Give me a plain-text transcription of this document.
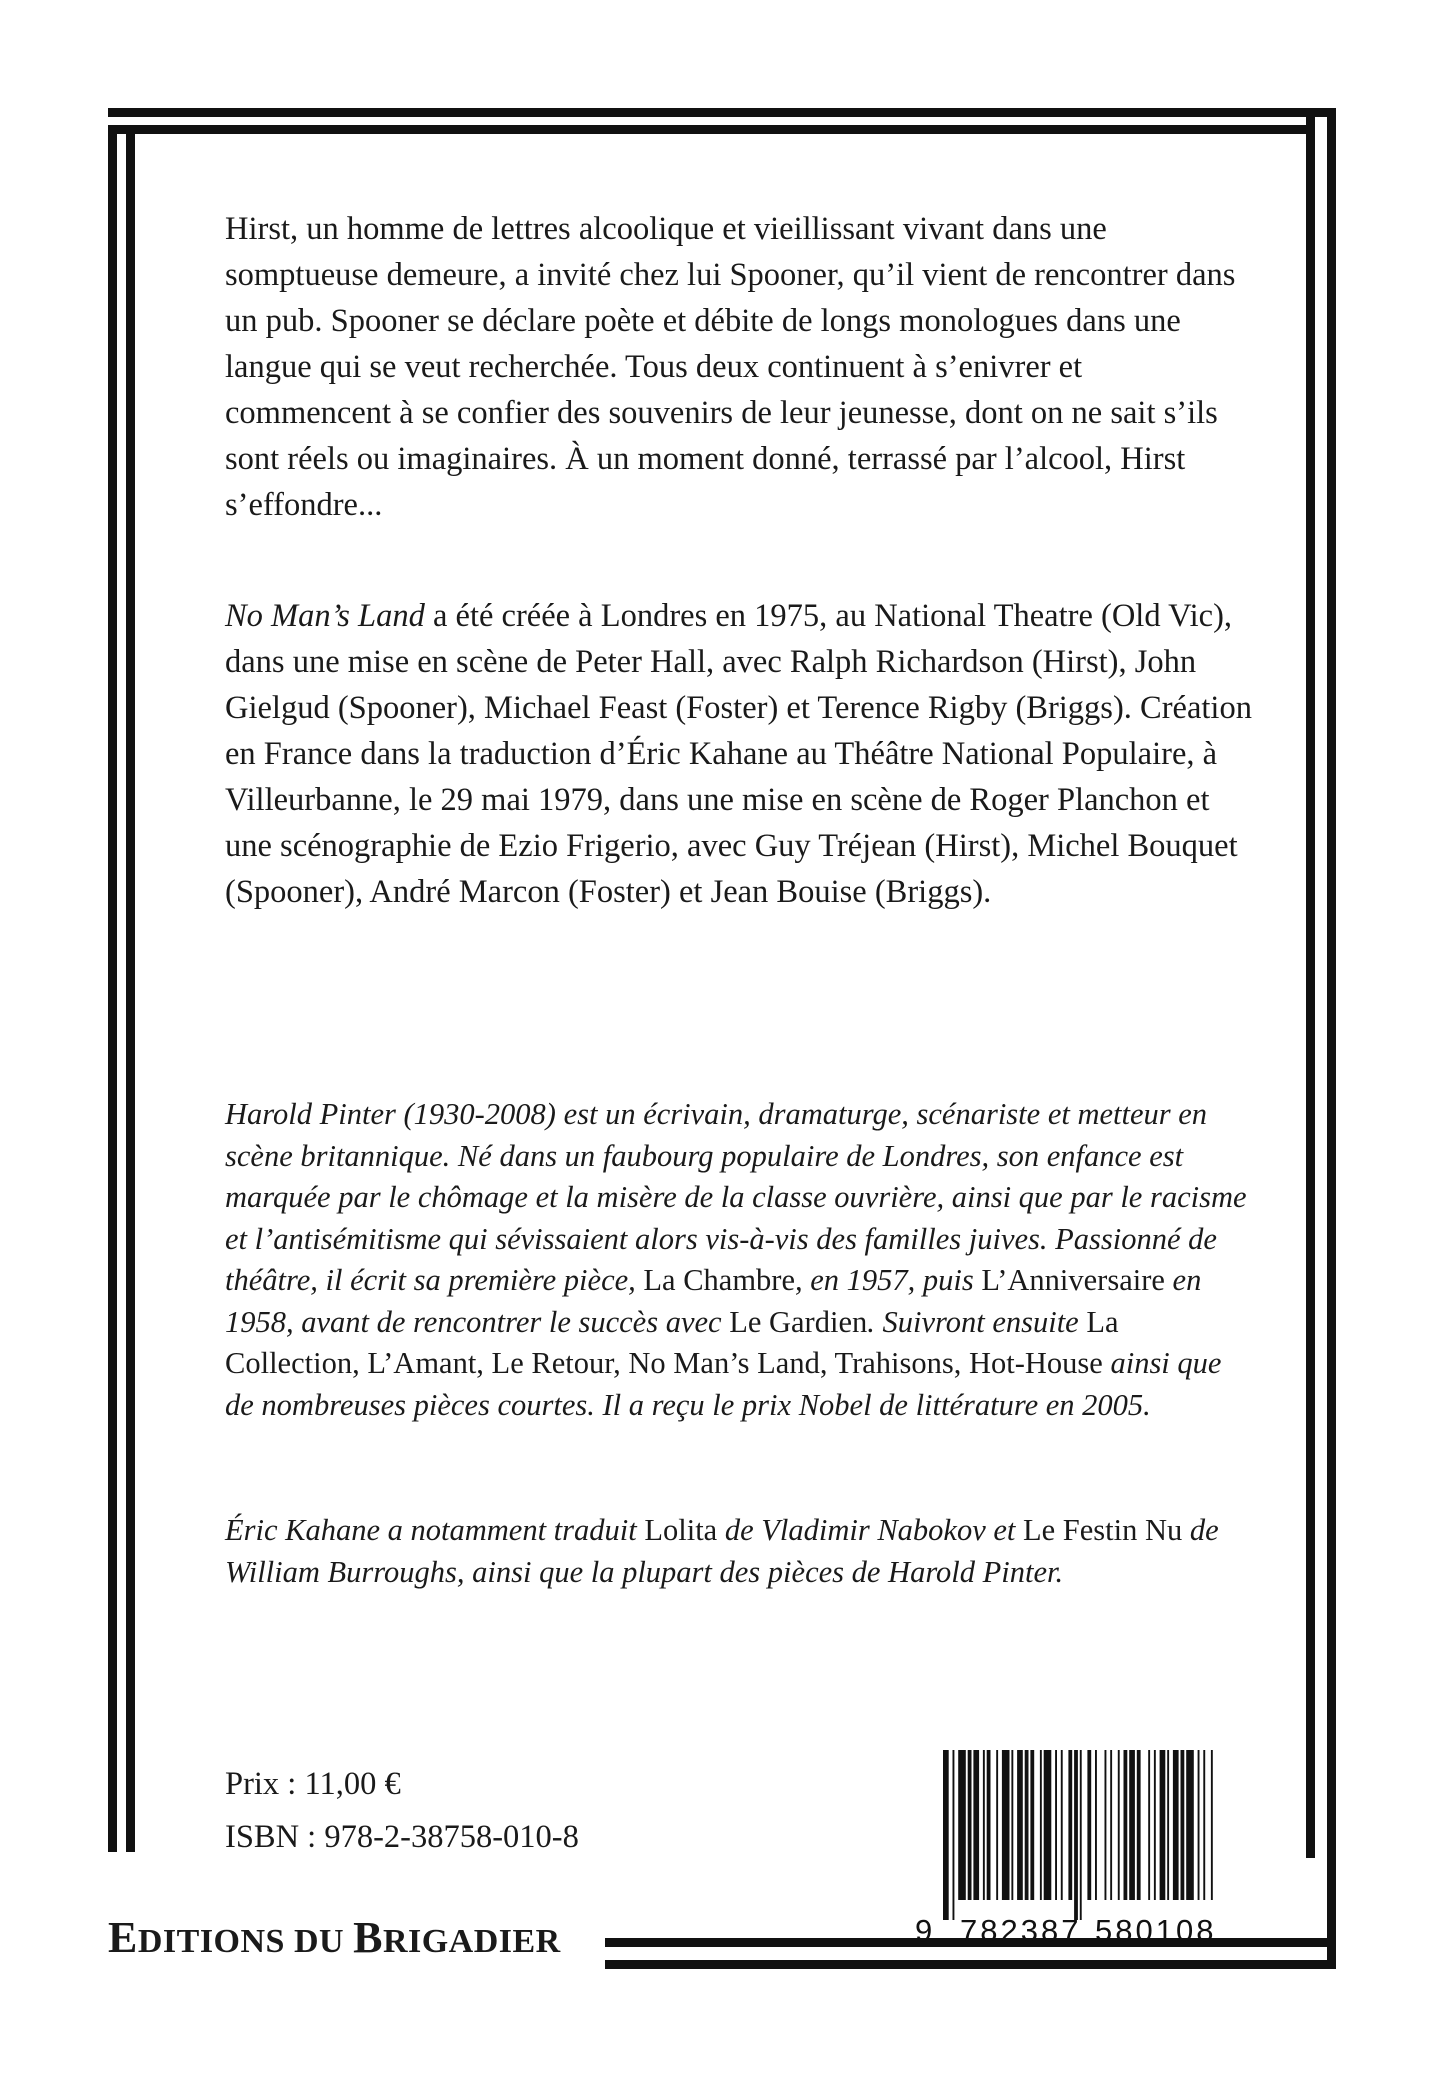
Hirst, un homme de lettres alcoolique et vieillissant vivant dans une somptueuse demeure, a invité chez lui Spooner, qu’il vient de rencontrer dans un pub. Spooner se déclare poète et débite de longs monologues dans une langue qui se veut recherchée. Tous deux continuent à s’enivrer et commencent à se confier des souvenirs de leur jeunesse, dont on ne sait s’ils sont réels ou imaginaires. À un moment donné, terrassé par l’alcool, Hirst s’effondre...

No Man’s Land a été créée à Londres en 1975, au National Theatre (Old Vic), dans une mise en scène de Peter Hall, avec Ralph Richardson (Hirst), John Gielgud (Spooner), Michael Feast (Foster) et Terence Rigby (Briggs). Création en France dans la traduction d’Éric Kahane au Théâtre National Populaire, à Villeurbanne, le 29 mai 1979, dans une mise en scène de Roger Planchon et une scénographie de Ezio Frigerio, avec Guy Tréjean (Hirst), Michel Bouquet (Spooner), André Marcon (Foster) et Jean Bouise (Briggs).

Harold Pinter (1930-2008) est un écrivain, dramaturge, scénariste et metteur en scène britannique. Né dans un faubourg populaire de Londres, son enfance est marquée par le chômage et la misère de la classe ouvrière, ainsi que par le racisme et l’antisémitisme qui sévissaient alors vis-à-vis des familles juives. Passionné de théâtre, il écrit sa première pièce, La Chambre, en 1957, puis L’Anniversaire en 1958, avant de rencontrer le succès avec Le Gardien. Suivront ensuite La Collection, L’Amant, Le Retour, No Man’s Land, Trahisons, Hot-House ainsi que de nombreuses pièces courtes. Il a reçu le prix Nobel de littérature en 2005.

Éric Kahane a notamment traduit Lolita de Vladimir Nabokov et Le Festin Nu de William Burroughs, ainsi que la plupart des pièces de Harold Pinter.

Prix : 11,00 €
ISBN : 978-2-38758-010-8
9 782387 580108
EDITIONS DU BRIGADIER
